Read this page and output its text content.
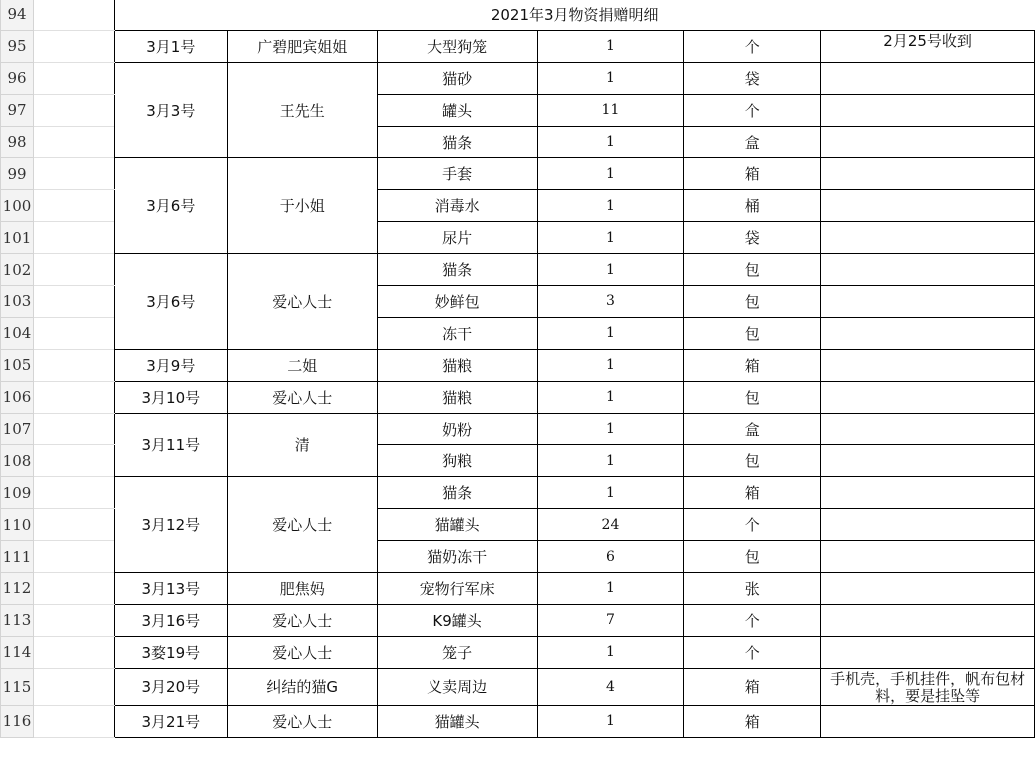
94		2021年3月物资捐赠明细					
95		3月1号	广碧肥宾姐姐	大型狗笼	1	个	2月25号收到
96		3月3号	王先生	猫砂	1	袋	
97				罐头	11	个	
98				猫条	1	盒	
99		3月6号	于小姐	手套	1	箱	
100				消毒水	1	桶	
101				尿片	1	袋	
102		3月6号	爱心人士	猫条	1	包	
103				妙鲜包	3	包	
104				冻干	1	包	
105		3月9号	二姐	猫粮	1	箱	
106		3月10号	爱心人士	猫粮	1	包	
107		3月11号	清	奶粉	1	盒	
108				狗粮	1	包	
109		3月12号	爱心人士	猫条	1	箱	
110				猫罐头	24	个	
111				猫奶冻干	6	包	
112		3月13号	肥焦妈	宠物行军床	1	张	
113		3月16号	爱心人士	K9罐头	7	个	
114		3婺19号	爱心人士	笼子	1	个	
115		3月20号	纠结的猫G	义卖周边	4	箱	手机壳，手机挂件，帆布包材料，要是挂坠等
116		3月21号	爱心人士	猫罐头	1	箱	
